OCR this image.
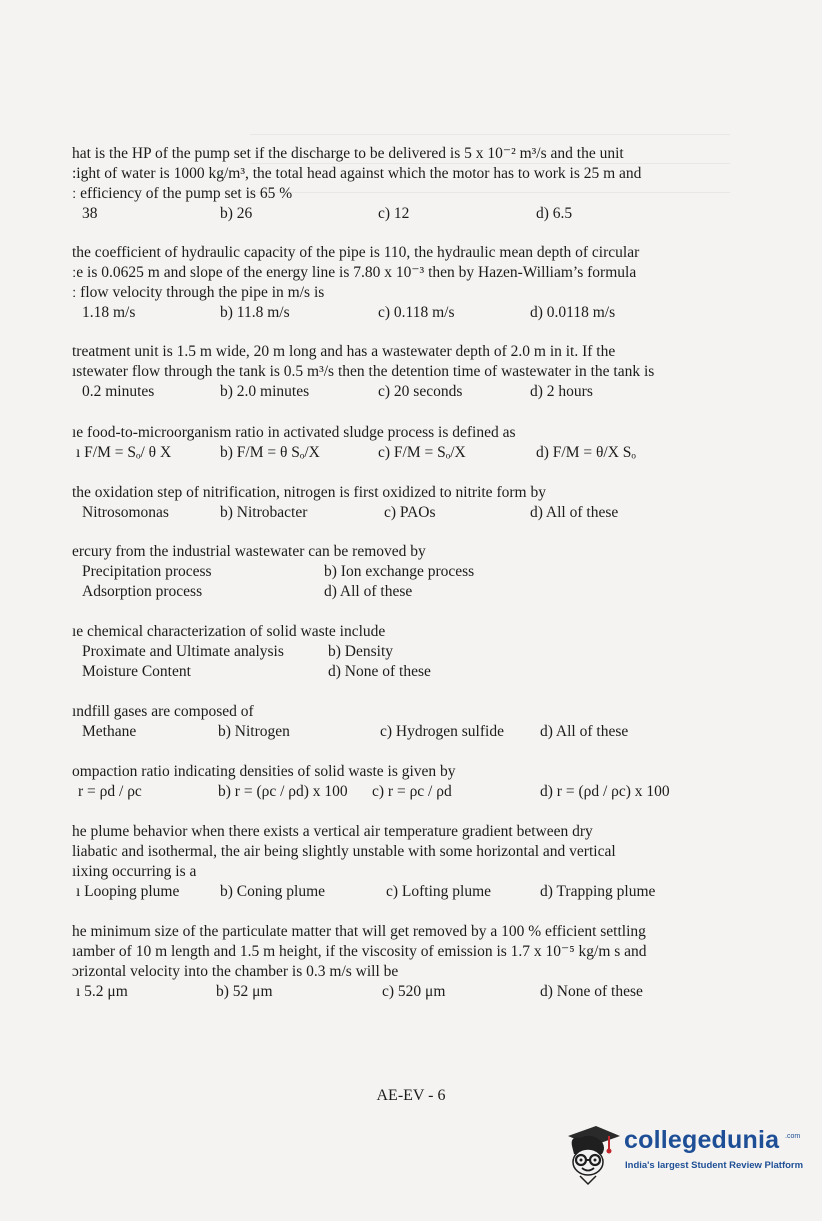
hat is the HP of the pump set if the discharge to be delivered is 5 x 10⁻² m³/s and the unit
:ight of water is 1000 kg/m³, the total head against which the motor has to work is 25 m and
ː efficiency of the pump set is 65 %
38	b) 26	c) 12	d) 6.5
the coefficient of hydraulic capacity of the pipe is 110, the hydraulic mean depth of circular
ːe is 0.0625 m and slope of the energy line is 7.80 x 10⁻³ then by Hazen-William’s formula
ː flow velocity through the pipe in m/s is
1.18 m/s	b) 11.8 m/s	c) 0.118 m/s	d) 0.0118 m/s
treatment unit is 1.5 m wide, 20 m long and has a wastewater depth of 2.0 m in it. If the
ıstewater flow through the tank is 0.5 m³/s then the detention time of wastewater in the tank is
0.2 minutes	b) 2.0 minutes	c) 20 seconds	d) 2 hours
ıe food-to-microorganism ratio in activated sludge process is defined as
ı F/M = Sₒ/ θ X	b) F/M = θ Sₒ/X	c) F/M = Sₒ/X	d) F/M = θ/X Sₒ
the oxidation step of nitrification, nitrogen is first oxidized to nitrite form by
Nitrosomonas	b) Nitrobacter	c) PAOs	d) All of these
ercury from the industrial wastewater can be removed by
Precipitation process	b) Ion exchange process
Adsorption process	d) All of these
ıe chemical characterization of solid waste include
Proximate and Ultimate analysis	b) Density
Moisture Content	d) None of these
ındfill gases are composed of
Methane	b) Nitrogen	c) Hydrogen sulfide d) All of these
ompaction ratio indicating densities of solid waste is given by
r = ρd / ρc	b) r = (ρc / ρd) x 100 c) r = ρc / ρd	d) r = (ρd / ρc) x 100
he plume behavior when there exists a vertical air temperature gradient between dry
liabatic and isothermal, the air being slightly unstable with some horizontal and vertical
ıixing occurring is a
ı Looping plume	b) Coning plume	c) Lofting plume	d) Trapping plume
he minimum size of the particulate matter that will get removed by a 100 % efficient settling
ıamber of 10 m length and 1.5 m height, if the viscosity of emission is 1.7 x 10⁻⁵ kg/m s and
ɔrizontal velocity into the chamber is 0.3 m/s will be
ı 5.2 μm	b) 52 μm	c) 520 μm	d) None of these
AE-EV - 6
collegedunia .com
India's largest Student Review Platform
